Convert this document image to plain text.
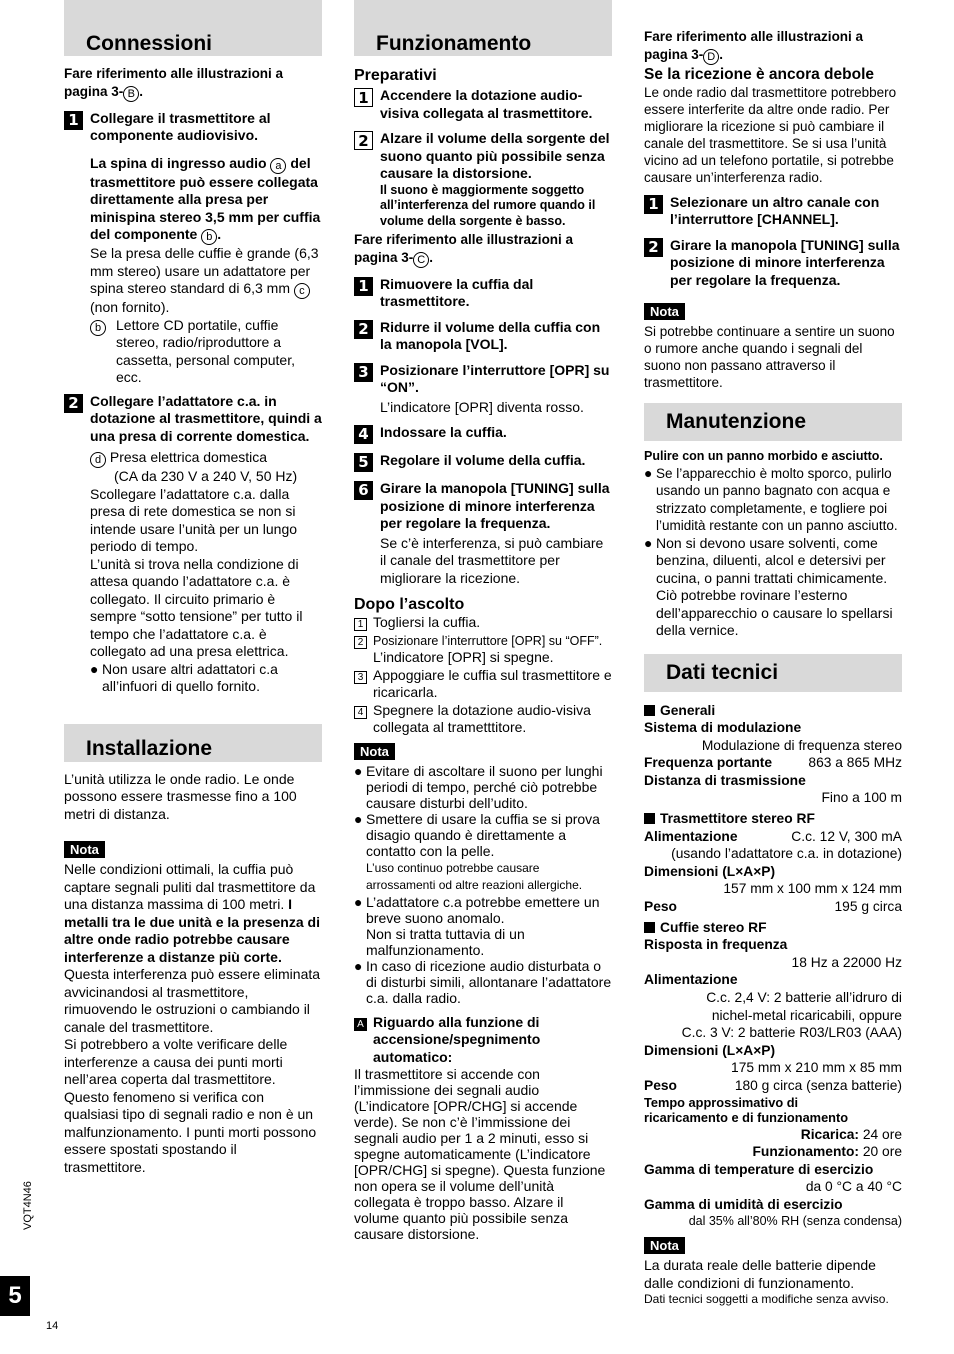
Connessioni
Fare riferimento alle illustrazioni a pagina 3- B .
1 Collegare il trasmettitore al componente audiovisivo.
La spina di ingresso audio a del trasmettitore può essere collegata direttamente alla presa per minispina stereo 3,5 mm per cuffia del componente b .
Se la presa delle cuffie è grande (6,3 mm stereo) usare un adattatore per spina stereo standard di 6,3 mm c (non fornito).
b	Lettore CD portatile, cuffie stereo, radio/riproduttore a cassetta, personal computer, ecc.
2 Collegare l’adattatore c.a. in dotazione al trasmettitore, quindi a una presa di corrente domestica.
d Presa elettrica domestica
(CA da 230 V a 240 V, 50 Hz)
Scollegare l’adattatore c.a. dalla presa di rete domestica se non si intende usare l’unità per un lungo periodo di tempo.
L’unità si trova nella condizione di attesa quando l’adattatore c.a. è collegato. Il circuito primario è sempre “sotto tensione” per tutto il tempo che l’adattatore c.a. è collegato ad una presa elettrica.
● Non usare altri adattatori c.a all’infuori di quello fornito.
Installazione
L’unità utilizza le onde radio. Le onde possono essere trasmesse fino a 100 metri di distanza.
Nota
Nelle condizioni ottimali, la cuffia può captare segnali puliti dal trasmettitore da una distanza massima di 100 metri. I metalli tra le due unità e la presenza di altre onde radio potrebbe causare interferenze a distanze più corte. Questa interferenza può essere eliminata avvicinandosi al trasmettitore, rimuovendo le ostruzioni o cambiando il canale del trasmettitore.
Si potrebbero a volte verificare delle interferenze a causa dei punti morti nell’area coperta dal trasmettitore. Questo fenomeno si verifica con qualsiasi tipo di segnali radio e non è un malfunzionamento. I punti morti possono essere spostati spostando il trasmettitore.
Funzionamento
Preparativi
1 Accendere la dotazione audio-visiva collegata al trasmettitore.
2 Alzare il volume della sorgente del suono quanto più possibile senza causare la distorsione.
Il suono è maggiormente soggetto all’interferenza del rumore quando il volume della sorgente è basso.
Fare riferimento alle illustrazioni a pagina 3- C .
1 Rimuovere la cuffia dal trasmettitore.
2 Ridurre il volume della cuffia con la manopola [VOL].
3 Posizionare l’interruttore [OPR] su “ON”.
L’indicatore [OPR] diventa rosso.
4 Indossare la cuffia.
5 Regolare il volume della cuffia.
6 Girare la manopola [TUNING] sulla posizione di minore interferenza per regolare la frequenza.
Se c’è interferenza, si può cambiare il canale del trasmettitore per migliorare la ricezione.
Dopo l’ascolto
1 Togliersi la cuffia.
2 Posizionare l’interruttore [OPR] su “OFF”.
L’indicatore [OPR] si spegne.
3 Appoggiare le cuffia sul trasmettitore e ricaricarla.
4 Spegnere la dotazione audio-visiva collegata al trametttitore.
Nota
● Evitare di ascoltare il suono per lunghi periodi di tempo, perché ciò potrebbe causare disturbi dell’udito.
● Smettere di usare la cuffia se si prova disagio quando è direttamente a contatto con la pelle.
L’uso continuo potrebbe causare arrossamenti od altre reazioni allergiche.
● L’adattatore c.a potrebbe emettere un breve suono anomalo.
Non si tratta tuttavia di un malfunzionamento.
● In caso di ricezione audio disturbata o di disturbi simili, allontanare l’adattatore c.a. dalla radio.
A Riguardo alla funzione di accensione/spegnimento automatico:
Il trasmettitore si accende con l’immissione dei segnali audio (L’indicatore [OPR/CHG] si accende verde). Se non c’è l’immissione dei segnali audio per 1 a 2 minuti, esso si spegne automaticamente (L’indicatore [OPR/CHG] si spegne). Questa funzione non opera se il volume dell’unità collegata è troppo basso. Alzare il volume quanto più possibile senza causare distorsione.
Fare riferimento alle illustrazioni a pagina 3- D .
Se la ricezione è ancora debole
Le onde radio dal trasmettitore potrebbero essere interferite da altre onde radio. Per migliorare la ricezione si può cambiare il canale del trasmettitore. Se si usa l’unità vicino ad un telefono portatile, si potrebbe causare un’interferenza radio.
1 Selezionare un altro canale con l’interruttore [CHANNEL].
2 Girare la manopola [TUNING] sulla posizione di minore interferenza per regolare la frequenza.
Nota
Si potrebbe continuare a sentire un suono o rumore anche quando i segnali del suono non passano attraverso il trasmettitore.
Manutenzione
Pulire con un panno morbido e asciutto.
● Se l’apparecchio è molto sporco, pulirlo usando un panno bagnato con acqua e strizzato completamente, e togliere poi l’umidità restante con un panno asciutto.
● Non si devono usare solventi, come benzina, diluenti, alcol e detersivi per cucina, o panni trattati chimicamente. Ciò potrebbe rovinare l’esterno dell’apparecchio o causare lo spellarsi della vernice.
Dati tecnici
Generali
Sistema di modulazione
Modulazione di frequenza stereo
Frequenza portante	863 a 865 MHz
Distanza di trasmissione
Fino a 100 m
Trasmettitore stereo RF
Alimentazione	C.c. 12 V, 300 mA
(usando l’adattatore c.a. in dotazione)
Dimensioni (L×A×P)
157 mm x 100 mm x 124 mm
Peso	195 g circa
Cuffie stereo RF
Risposta in frequenza
18 Hz a 22000 Hz
Alimentazione
C.c. 2,4 V: 2 batterie all’idruro di nichel-metal ricaricabili, oppure
C.c. 3 V: 2 batterie R03/LR03 (AAA)
Dimensioni (L×A×P)
175 mm x 210 mm x 85 mm
Peso	180 g circa (senza batterie)
Tempo approssimativo di ricaricamento e di funzionamento
Ricarica: 24 ore
Funzionamento: 20 ore
Gamma di temperature di esercizio
da 0 °C a 40 °C
Gamma di umidità di esercizio
dal 35% all’80% RH (senza condensa)
Nota
La durata reale delle batterie dipende dalle condizioni di funzionamento.
Dati tecnici soggetti a modifiche senza avviso.
VQT4N46
5
14
